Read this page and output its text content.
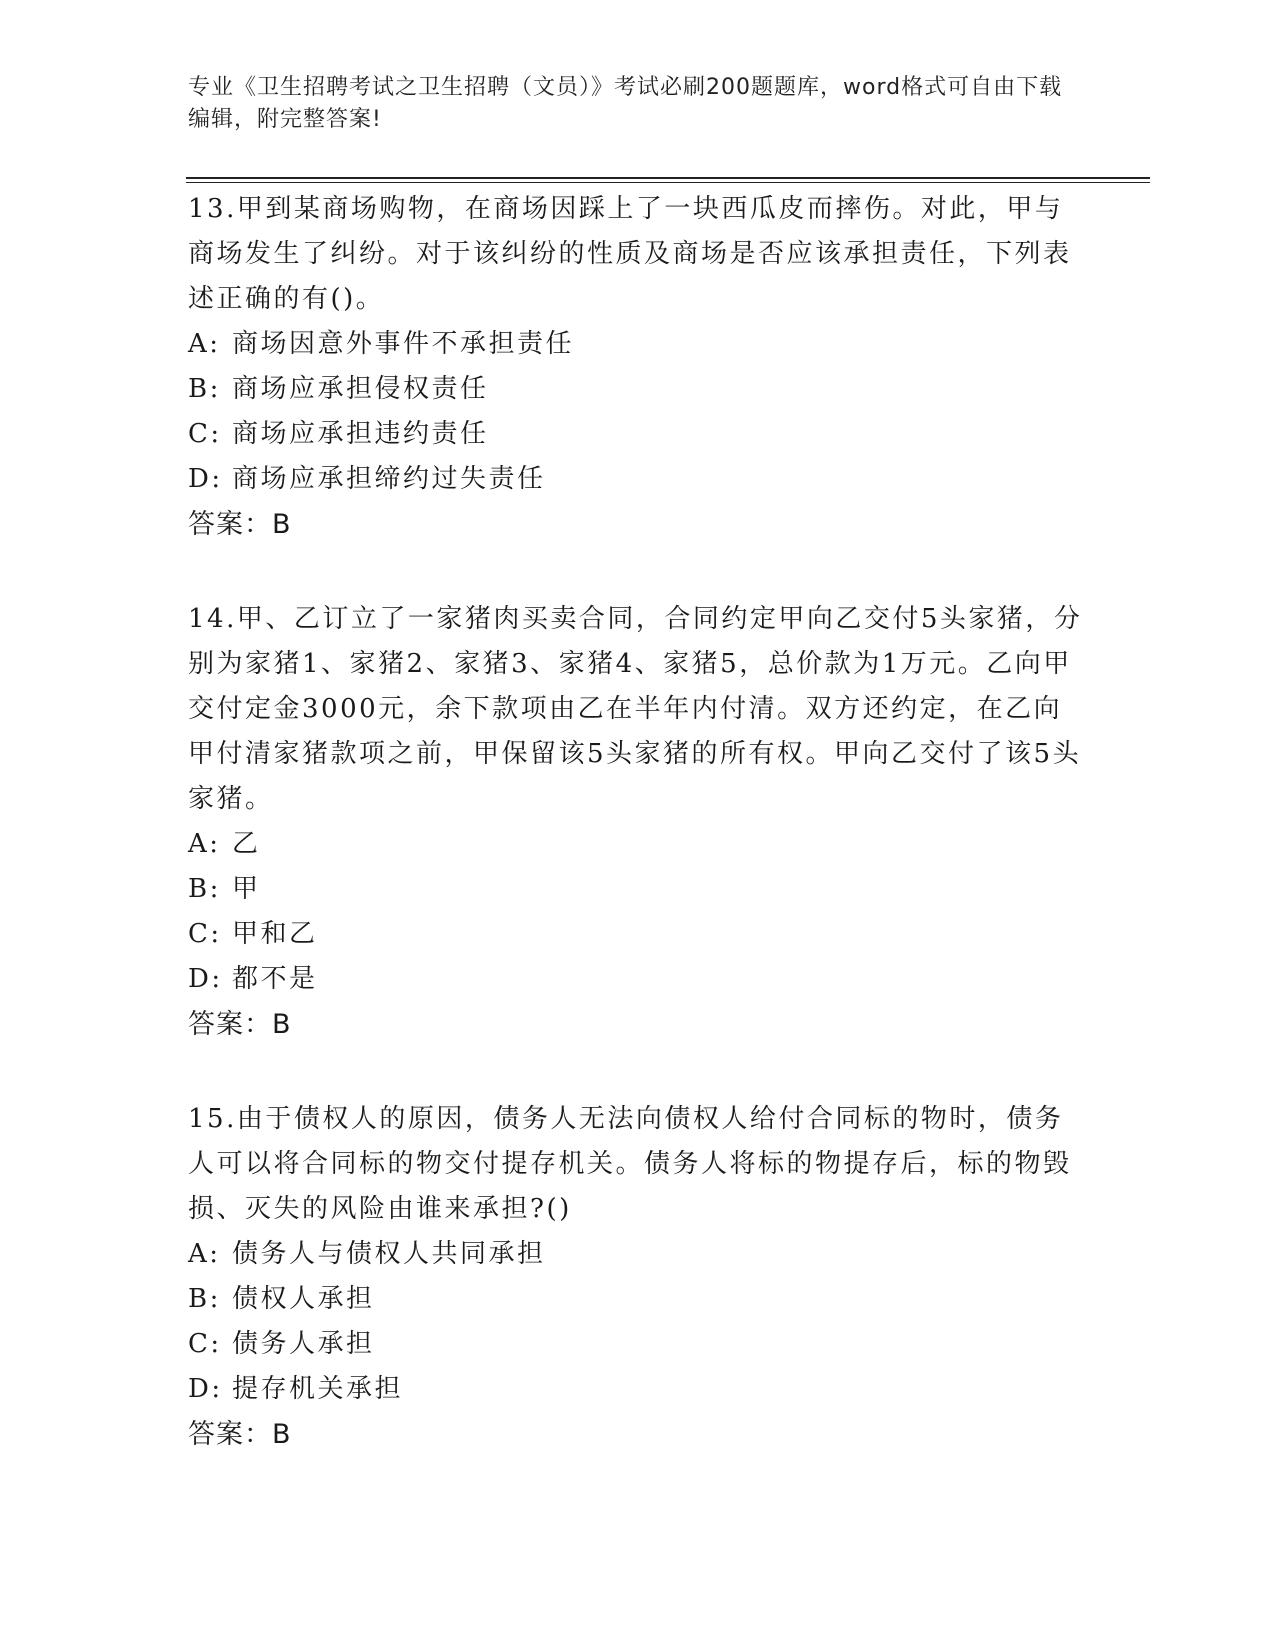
专业《卫生招聘考试之卫生招聘（文员）》考试必刷200题题库，word格式可自由下载编辑，附完整答案!

13.甲到某商场购物，在商场因踩上了一块西瓜皮而摔伤。对此，甲与商场发生了纠纷。对于该纠纷的性质及商场是否应该承担责任，下列表述正确的有()。

A: 商场因意外事件不承担责任
B: 商场应承担侵权责任
C: 商场应承担违约责任
D: 商场应承担缔约过失责任
答案：B

14.甲、乙订立了一家猪肉买卖合同，合同约定甲向乙交付5头家猪，分别为家猪1、家猪2、家猪3、家猪4、家猪5，总价款为1万元。乙向甲交付定金3000元，余下款项由乙在半年内付清。双方还约定，在乙向甲付清家猪款项之前，甲保留该5头家猪的所有权。甲向乙交付了该5头家猪。

A: 乙
B: 甲
C: 甲和乙
D: 都不是
答案：B

15.由于债权人的原因，债务人无法向债权人给付合同标的物时，债务人可以将合同标的物交付提存机关。债务人将标的物提存后，标的物毁损、灭失的风险由谁来承担?()

A: 债务人与债权人共同承担
B: 债权人承担
C: 债务人承担
D: 提存机关承担
答案：B
